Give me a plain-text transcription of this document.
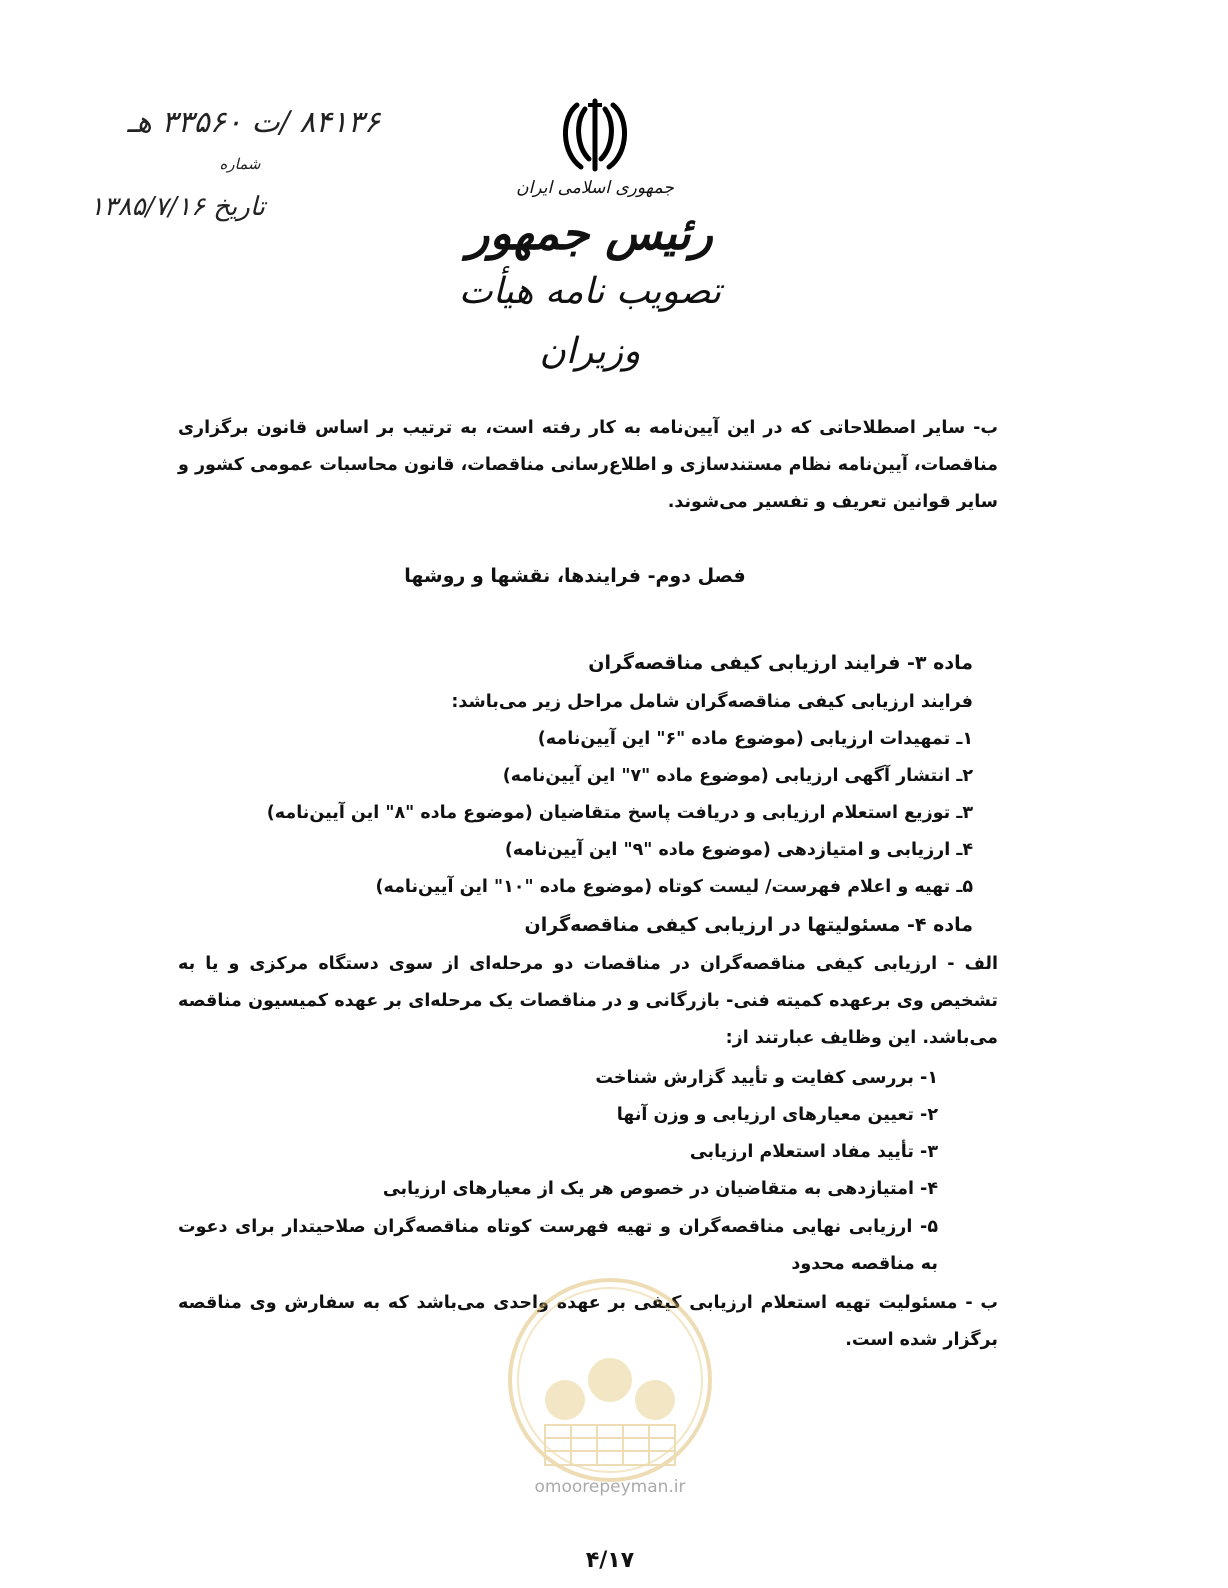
جمهوری اسلامی ایران
رئیس جمهور
تصویب نامه هیأت وزیران
۸۴۱۳۶ /ت ۳۳۵۶۰ هـ
شماره
تاریخ ۱۳۸۵/۷/۱۶
ب- سایر اصطلاحاتی که در این آیین‌نامه به کار رفته است، به ترتیب بر اساس قانون برگزاری مناقصات، آیین‌نامه نظام مستندسازی و اطلاع‌رسانی مناقصات، قانون محاسبات عمومی کشور و سایر قوانین تعریف و تفسیر می‌شوند.
فصل دوم- فرایندها، نقشها و روشها
ماده ۳- فرایند ارزیابی کیفی مناقصه‌گران
فرایند ارزیابی کیفی مناقصه‌گران شامل مراحل زیر می‌باشد:
۱ـ تمهیدات ارزیابی (موضوع ماده "۶" این آیین‌نامه)
۲ـ انتشار آگهی ارزیابی (موضوع ماده "۷" این آیین‌نامه)
۳ـ توزیع استعلام ارزیابی و دریافت پاسخ متقاضیان (موضوع ماده "۸" این آیین‌نامه)
۴ـ ارزیابی و امتیازدهی (موضوع ماده "۹" این آیین‌نامه)
۵ـ تهیه و اعلام فهرست/ لیست کوتاه (موضوع ماده "۱۰" این آیین‌نامه)
ماده ۴- مسئولیتها در ارزیابی کیفی مناقصه‌گران
الف - ارزیابی کیفی مناقصه‌گران در مناقصات دو مرحله‌ای از سوی دستگاه مرکزی و یا به تشخیص وی برعهده کمیته فنی- بازرگانی و در مناقصات یک مرحله‌ای بر عهده کمیسیون مناقصه می‌باشد. این وظایف عبارتند از:
۱- بررسی کفایت و تأیید گزارش شناخت
۲- تعیین معیارهای ارزیابی و وزن آنها
۳- تأیید مفاد استعلام ارزیابی
۴- امتیازدهی به متقاضیان در خصوص هر یک از معیارهای ارزیابی
۵- ارزیابی نهایی مناقصه‌گران و تهیه فهرست کوتاه مناقصه‌گران صلاحیتدار برای دعوت به مناقصه محدود
ب - مسئولیت تهیه استعلام ارزیابی کیفی بر عهده واحدی می‌باشد که به سفارش وی مناقصه برگزار شده است.
omoorepeyman.ir
۴/۱۷
